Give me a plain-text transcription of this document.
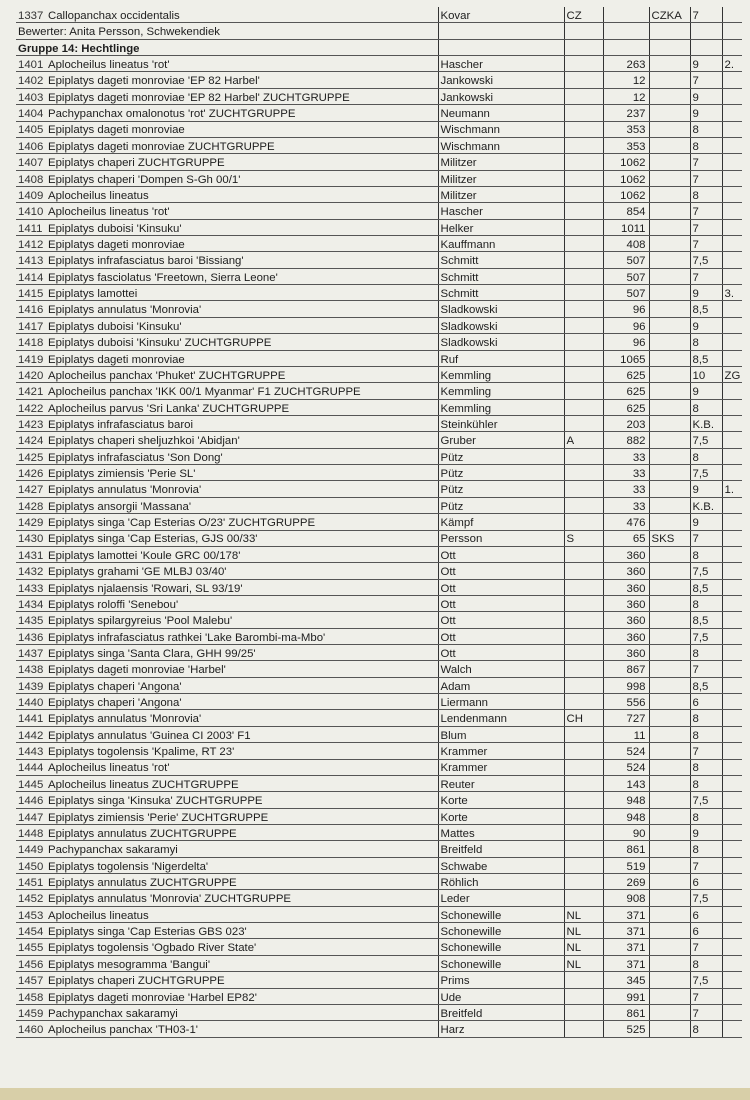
1337 Callopanchax occidentalis	Kovar	CZ		CZKA	7	
Bewerter: Anita Persson, Schwekendiek						
Gruppe 14: Hechtlinge						
1401 Aplocheilus lineatus 'rot'	Hascher		263		9	2.
1402 Epiplatys dageti monroviae 'EP 82 Harbel'	Jankowski		12		7	
1403 Epiplatys dageti monroviae 'EP 82 Harbel' ZUCHTGRUPPE	Jankowski		12		9	
1404 Pachypanchax omalonotus 'rot' ZUCHTGRUPPE	Neumann		237		9	
1405 Epiplatys dageti monroviae	Wischmann		353		8	
1406 Epiplatys dageti monroviae ZUCHTGRUPPE	Wischmann		353		8	
1407 Epiplatys chaperi ZUCHTGRUPPE	Militzer		1062		7	
1408 Epiplatys chaperi 'Dompen S-Gh 00/1'	Militzer		1062		7	
1409 Aplocheilus lineatus	Militzer		1062		8	
1410 Aplocheilus lineatus 'rot'	Hascher		854		7	
1411 Epiplatys duboisi 'Kinsuku'	Helker		1011		7	
1412 Epiplatys dageti monroviae	Kauffmann		408		7	
1413 Epiplatys infrafasciatus baroi 'Bissiang'	Schmitt		507		7,5	
1414 Epiplatys fasciolatus 'Freetown, Sierra Leone'	Schmitt		507		7	
1415 Epiplatys lamottei	Schmitt		507		9	3.
1416 Epiplatys annulatus 'Monrovia'	Sladkowski		96		8,5	
1417 Epiplatys duboisi 'Kinsuku'	Sladkowski		96		9	
1418 Epiplatys duboisi 'Kinsuku' ZUCHTGRUPPE	Sladkowski		96		8	
1419 Epiplatys dageti monroviae	Ruf		1065		8,5	
1420 Aplocheilus panchax 'Phuket' ZUCHTGRUPPE	Kemmling		625		10	ZG
1421 Aplocheilus panchax 'IKK 00/1 Myanmar' F1 ZUCHTGRUPPE	Kemmling		625		9	
1422 Aplocheilus parvus 'Sri Lanka' ZUCHTGRUPPE	Kemmling		625		8	
1423 Epiplatys infrafasciatus baroi	Steinkühler		203		K.B.	
1424 Epiplatys chaperi sheljuzhkoi 'Abidjan'	Gruber	A	882		7,5	
1425 Epiplatys infrafasciatus 'Son Dong'	Pütz		33		8	
1426 Epiplatys zimiensis 'Perie SL'	Pütz		33		7,5	
1427 Epiplatys annulatus 'Monrovia'	Pütz		33		9	1.
1428 Epiplatys ansorgii 'Massana'	Pütz		33		K.B.	
1429 Epiplatys singa 'Cap Esterias O/23' ZUCHTGRUPPE	Kämpf		476		9	
1430 Epiplatys singa 'Cap Esterias, GJS 00/33'	Persson	S	65	SKS	7	
1431 Epiplatys lamottei 'Koule GRC 00/178'	Ott		360		8	
1432 Epiplatys grahami 'GE MLBJ 03/40'	Ott		360		7,5	
1433 Epiplatys njalaensis 'Rowari, SL 93/19'	Ott		360		8,5	
1434 Epiplatys roloffi 'Senebou'	Ott		360		8	
1435 Epiplatys spilargyreius 'Pool Malebu'	Ott		360		8,5	
1436 Epiplatys infrafasciatus rathkei 'Lake Barombi-ma-Mbo'	Ott		360		7,5	
1437 Epiplatys singa 'Santa Clara, GHH 99/25'	Ott		360		8	
1438 Epiplatys dageti monroviae 'Harbel'	Walch		867		7	
1439 Epiplatys chaperi 'Angona'	Adam		998		8,5	
1440 Epiplatys chaperi 'Angona'	Liermann		556		6	
1441 Epiplatys annulatus 'Monrovia'	Lendenmann	CH	727		8	
1442 Epiplatys annulatus 'Guinea CI 2003' F1	Blum		11		8	
1443 Epiplatys togolensis 'Kpalime, RT 23'	Krammer		524		7	
1444 Aplocheilus lineatus 'rot'	Krammer		524		8	
1445 Aplocheilus lineatus ZUCHTGRUPPE	Reuter		143		8	
1446 Epiplatys singa 'Kinsuka' ZUCHTGRUPPE	Korte		948		7,5	
1447 Epiplatys zimiensis 'Perie' ZUCHTGRUPPE	Korte		948		8	
1448 Epiplatys annulatus ZUCHTGRUPPE	Mattes		90		9	
1449 Pachypanchax sakaramyi	Breitfeld		861		8	
1450 Epiplatys togolensis 'Nigerdelta'	Schwabe		519		7	
1451 Epiplatys annulatus ZUCHTGRUPPE	Röhlich		269		6	
1452 Epiplatys annulatus 'Monrovia' ZUCHTGRUPPE	Leder		908		7,5	
1453 Aplocheilus lineatus	Schonewille	NL	371		6	
1454 Epiplatys singa 'Cap Esterias GBS 023'	Schonewille	NL	371		6	
1455 Epiplatys togolensis 'Ogbado River State'	Schonewille	NL	371		7	
1456 Epiplatys mesogramma 'Bangui'	Schonewille	NL	371		8	
1457 Epiplatys chaperi ZUCHTGRUPPE	Prims		345		7,5	
1458 Epiplatys dageti monroviae 'Harbel EP82'	Ude		991		7	
1459 Pachypanchax sakaramyi	Breitfeld		861		7	
1460 Aplocheilus panchax 'TH03-1'	Harz		525		8	
